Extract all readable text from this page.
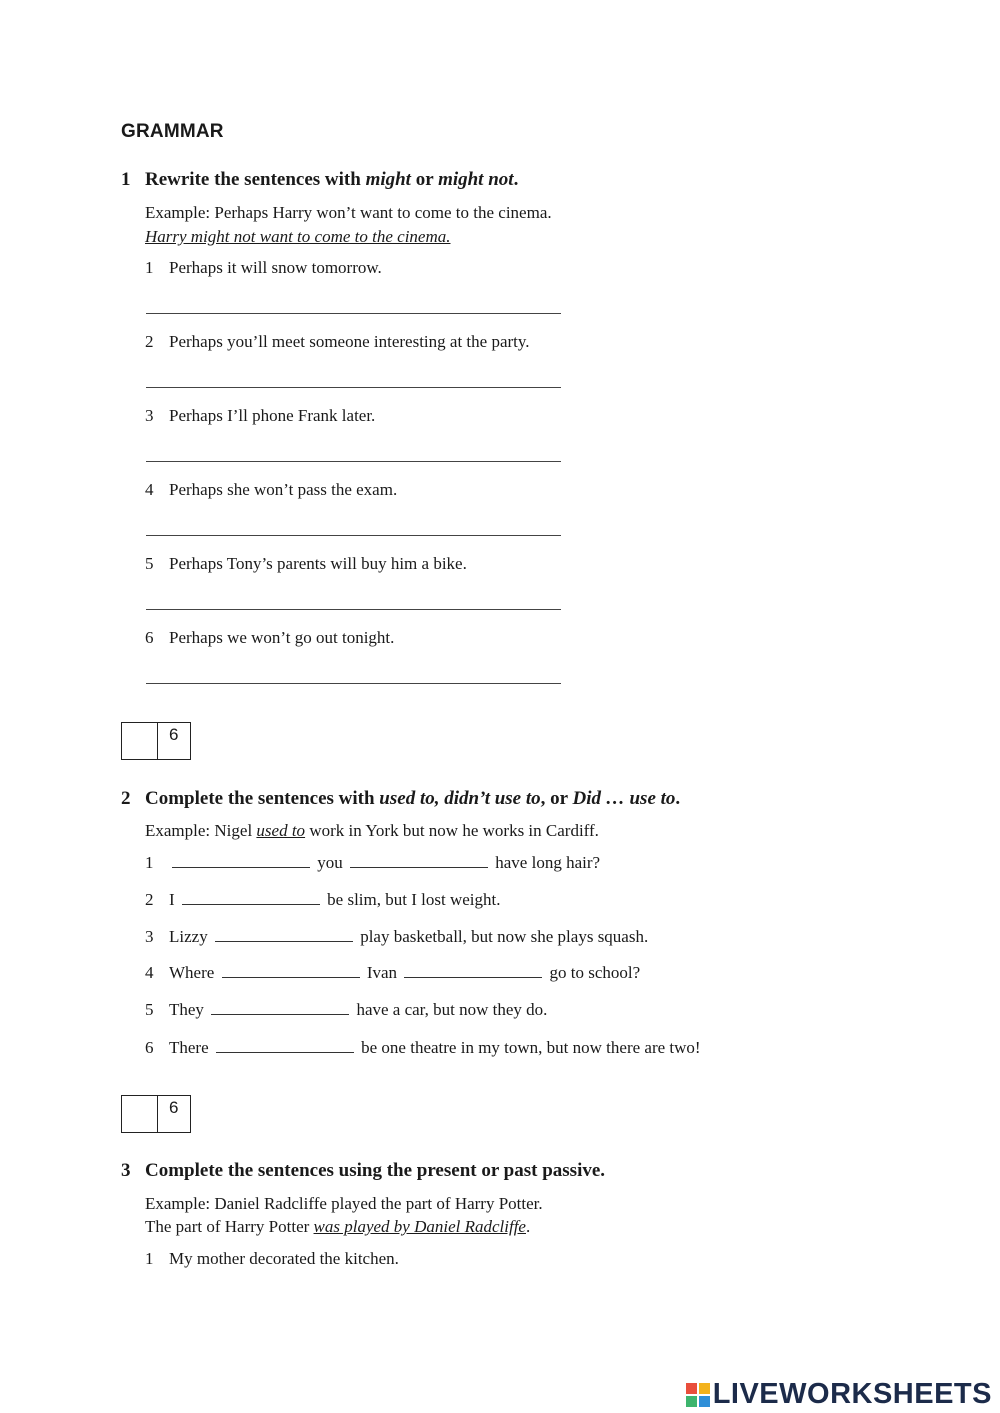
GRAMMAR
1 Rewrite the sentences with might or might not.
Example: Perhaps Harry won’t want to come to the cinema.
Harry might not want to come to the cinema.
1 Perhaps it will snow tomorrow.
2 Perhaps you’ll meet someone interesting at the party.
3 Perhaps I’ll phone Frank later.
4 Perhaps she won’t pass the exam.
5 Perhaps Tony’s parents will buy him a bike.
6 Perhaps we won’t go out tonight.
6
2 Complete the sentences with used to, didn’t use to, or Did … use to.
Example: Nigel used to work in York but now he works in Cardiff.
1	you	have long hair?
2 I	be slim, but I lost weight.
3 Lizzy	play basketball, but now she plays squash.
4 Where	Ivan	go to school?
5 They	have a car, but now they do.
6 There	be one theatre in my town, but now there are two!
6
3 Complete the sentences using the present or past passive.
Example: Daniel Radcliffe played the part of Harry Potter.
The part of Harry Potter was played by Daniel Radcliffe.
1 My mother decorated the kitchen.
LIVEWORKSHEETS
